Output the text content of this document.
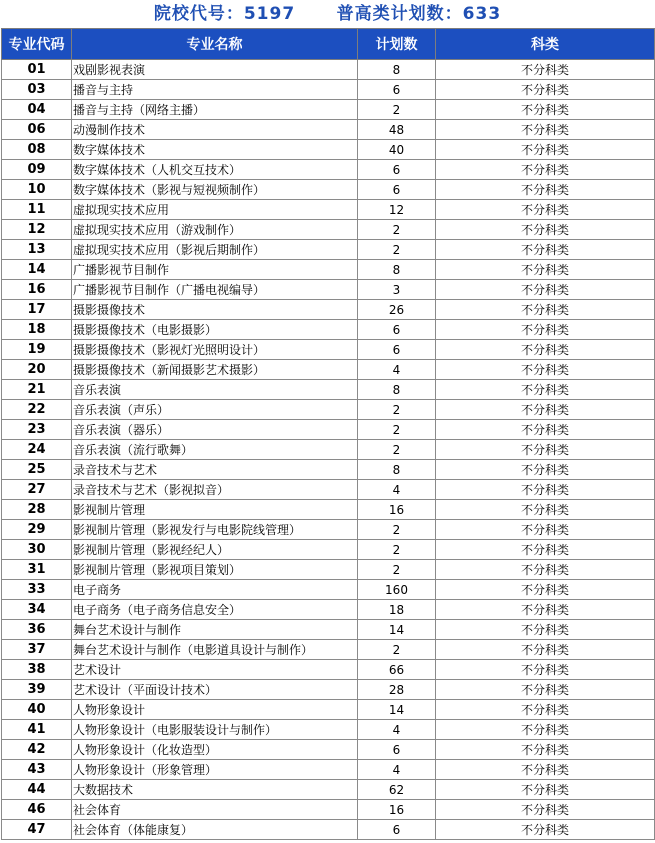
院校代号：5197      普高类计划数：633
专业代码	专业名称	计划数	科类
01	戏剧影视表演	8	不分科类
03	播音与主持	6	不分科类
04	播音与主持（网络主播）	2	不分科类
06	动漫制作技术	48	不分科类
08	数字媒体技术	40	不分科类
09	数字媒体技术（人机交互技术）	6	不分科类
10	数字媒体技术（影视与短视频制作）	6	不分科类
11	虚拟现实技术应用	12	不分科类
12	虚拟现实技术应用（游戏制作）	2	不分科类
13	虚拟现实技术应用（影视后期制作）	2	不分科类
14	广播影视节目制作	8	不分科类
16	广播影视节目制作（广播电视编导）	3	不分科类
17	摄影摄像技术	26	不分科类
18	摄影摄像技术（电影摄影）	6	不分科类
19	摄影摄像技术（影视灯光照明设计）	6	不分科类
20	摄影摄像技术（新闻摄影艺术摄影）	4	不分科类
21	音乐表演	8	不分科类
22	音乐表演（声乐）	2	不分科类
23	音乐表演（器乐）	2	不分科类
24	音乐表演（流行歌舞）	2	不分科类
25	录音技术与艺术	8	不分科类
27	录音技术与艺术（影视拟音）	4	不分科类
28	影视制片管理	16	不分科类
29	影视制片管理（影视发行与电影院线管理）	2	不分科类
30	影视制片管理（影视经纪人）	2	不分科类
31	影视制片管理（影视项目策划）	2	不分科类
33	电子商务	160	不分科类
34	电子商务（电子商务信息安全）	18	不分科类
36	舞台艺术设计与制作	14	不分科类
37	舞台艺术设计与制作（电影道具设计与制作）	2	不分科类
38	艺术设计	66	不分科类
39	艺术设计（平面设计技术）	28	不分科类
40	人物形象设计	14	不分科类
41	人物形象设计（电影服装设计与制作）	4	不分科类
42	人物形象设计（化妆造型）	6	不分科类
43	人物形象设计（形象管理）	4	不分科类
44	大数据技术	62	不分科类
46	社会体育	16	不分科类
47	社会体育（体能康复）	6	不分科类
